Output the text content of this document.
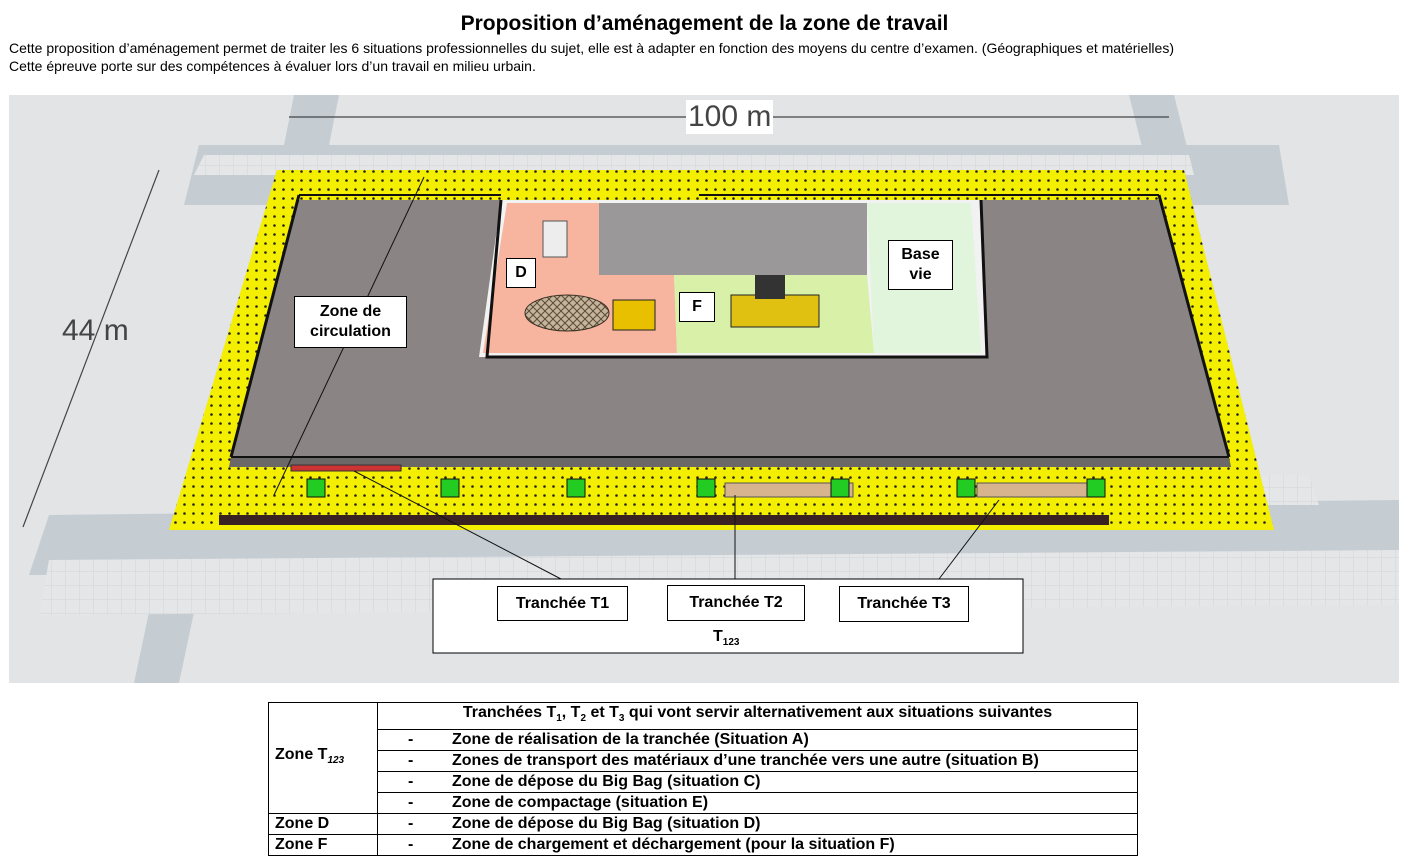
Proposition d’aménagement de la zone de travail
Cette proposition d’aménagement permet de traiter les 6 situations professionnelles du sujet, elle est à adapter en fonction des moyens du centre d’examen. (Géographiques et matérielles)
Cette épreuve porte sur des compétences à évaluer lors d’un travail en milieu urbain.
100 m
44 m
Zone de
circulation
D
F
Base
vie
Tranchée T1	Tranchée T2	Tranchée T3
$T_{123}$
Zone $T_{123}$	Tranchées $T_1$, $T_2$ et $T_3$ qui vont servir alternativement aux situations suivantes
	- Zone de réalisation de la tranchée (Situation A)
	- Zones de transport des matériaux d’une tranchée vers une autre (situation B)
	- Zone de dépose du Big Bag (situation C)
	- Zone de compactage (situation E)
Zone D	- Zone de dépose du Big Bag (situation D)
Zone F	- Zone de chargement et déchargement (pour la situation F)
